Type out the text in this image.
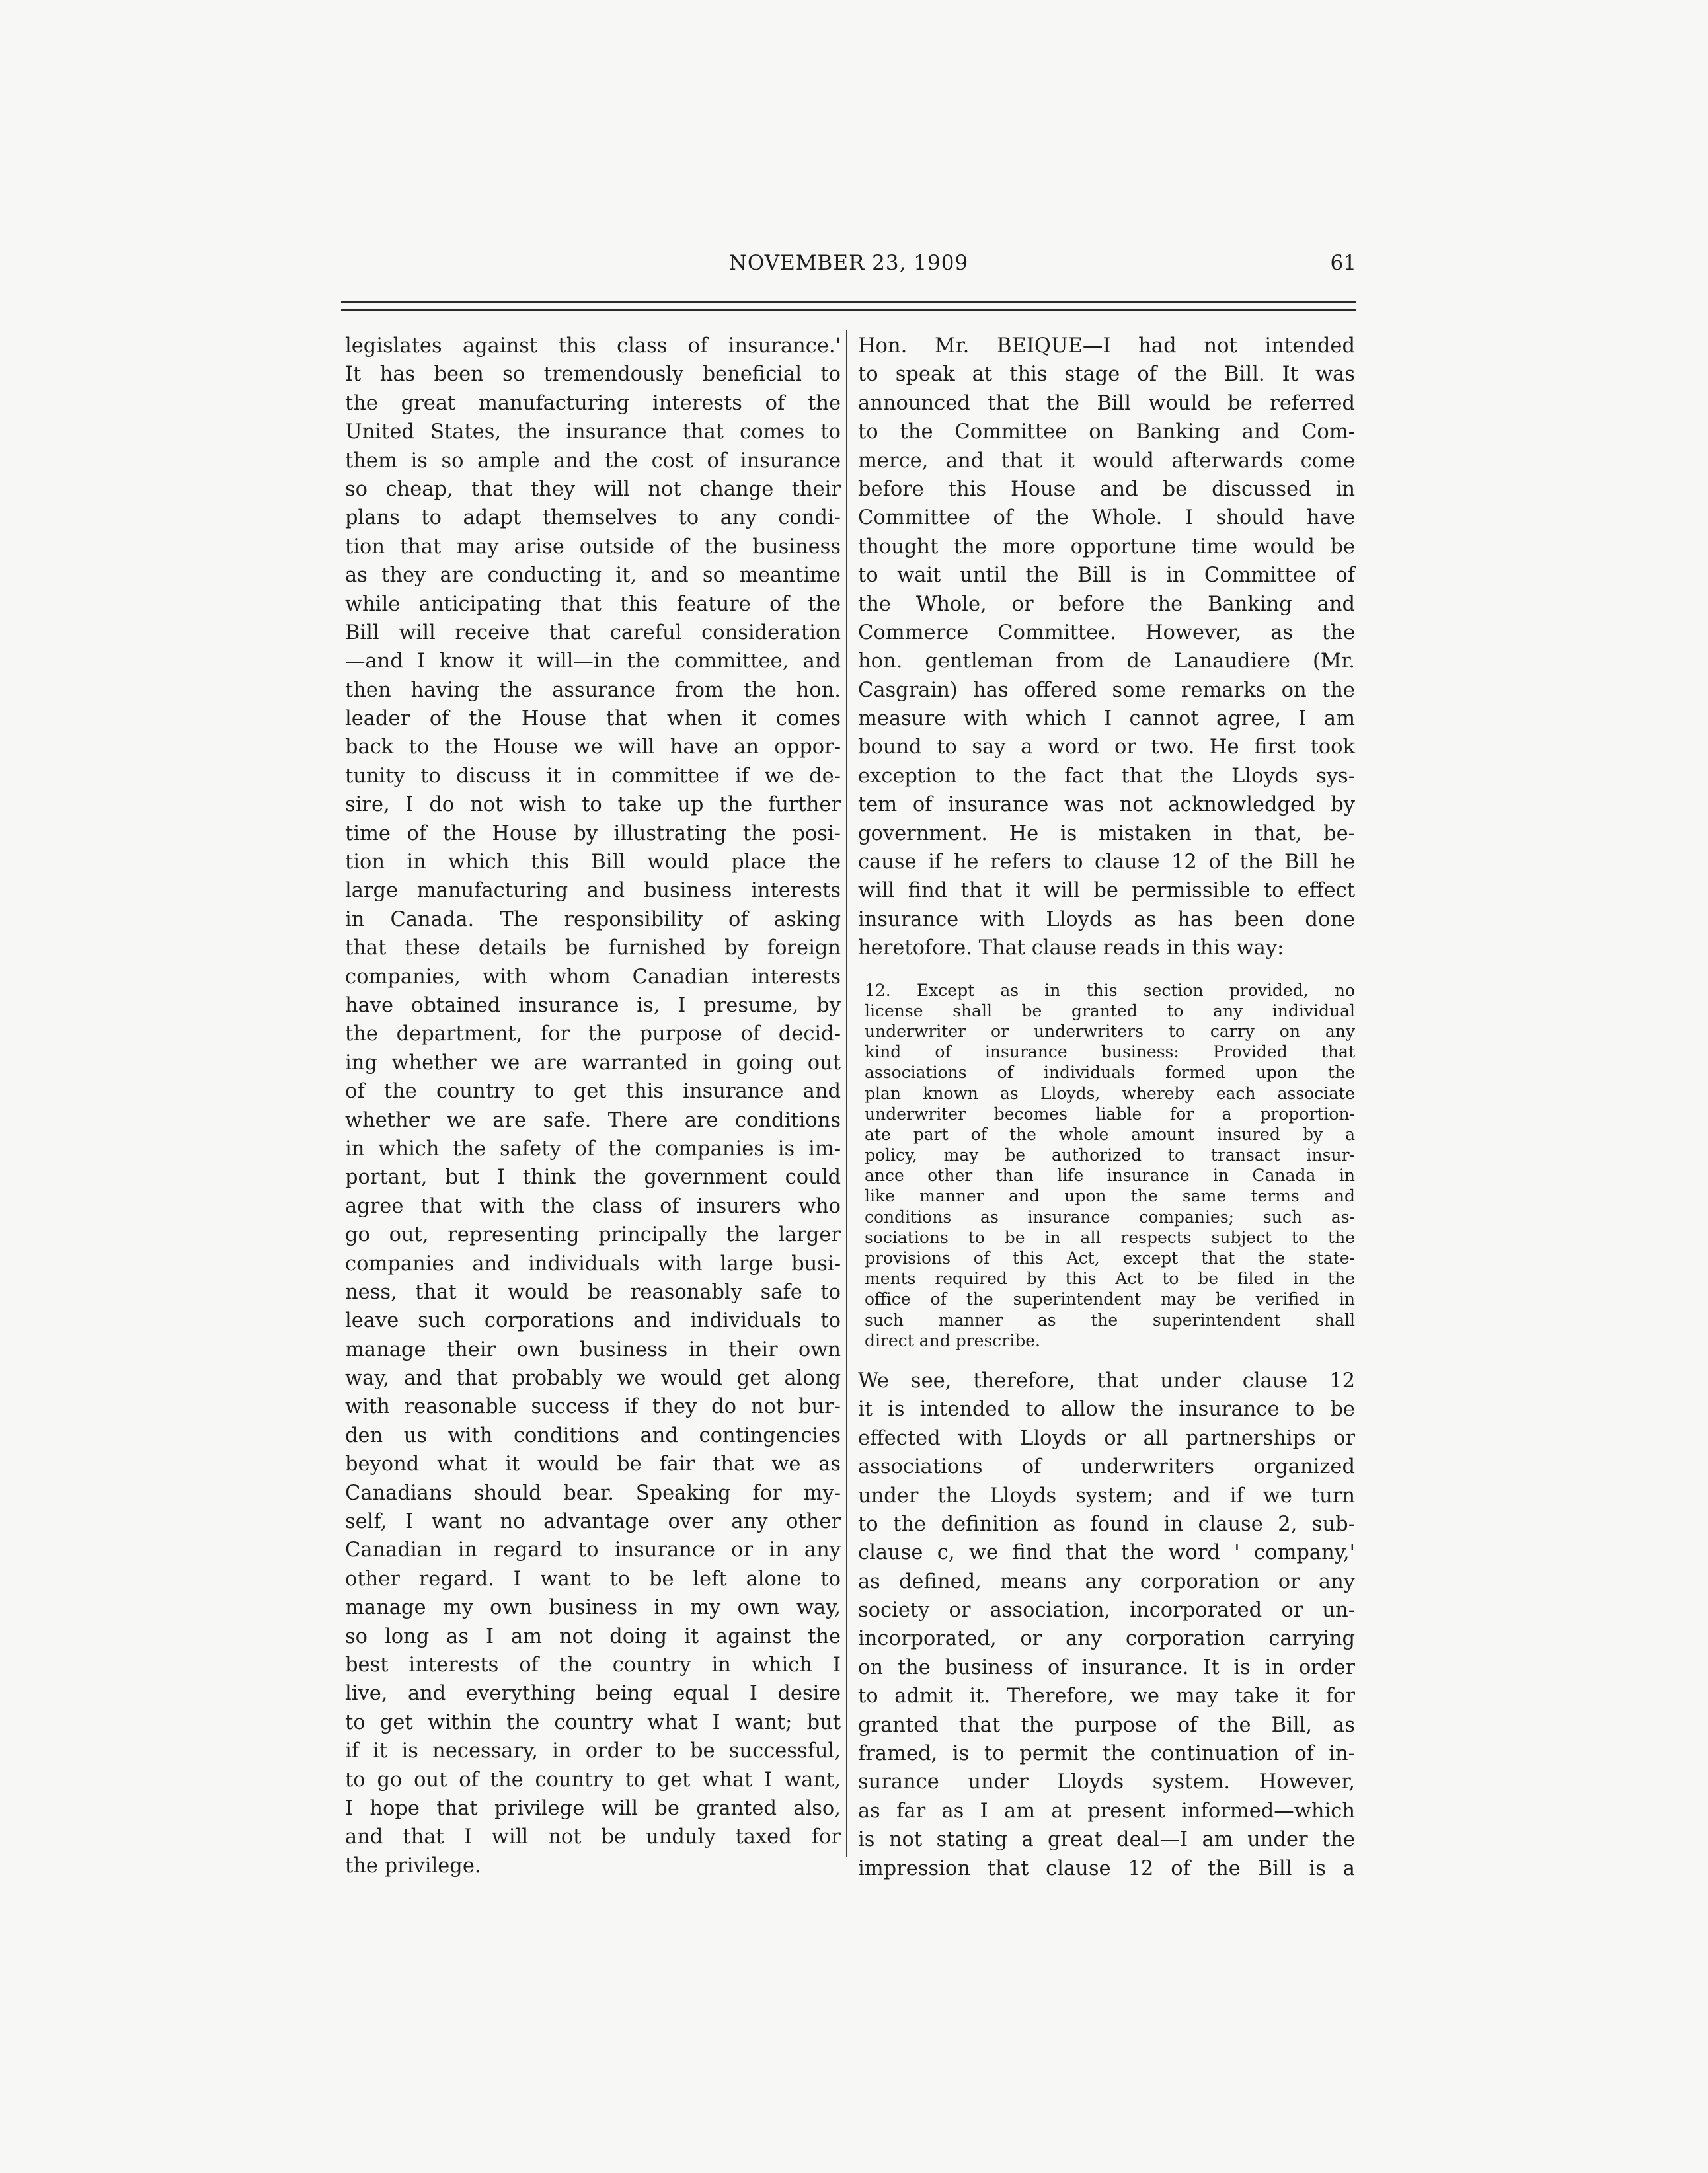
NOVEMBER 23, 1909	61
legislates against this class of insurance.'
It has been so tremendously beneficial to
the great manufacturing interests of the
United States, the insurance that comes to
them is so ample and the cost of insurance
so cheap, that they will not change their
plans to adapt themselves to any condi-
tion that may arise outside of the business
as they are conducting it, and so meantime
while anticipating that this feature of the
Bill will receive that careful consideration
—and I know it will—in the committee, and
then having the assurance from the hon.
leader of the House that when it comes
back to the House we will have an oppor-
tunity to discuss it in committee if we de-
sire, I do not wish to take up the further
time of the House by illustrating the posi-
tion in which this Bill would place the
large manufacturing and business interests
in Canada. The responsibility of asking
that these details be furnished by foreign
companies, with whom Canadian interests
have obtained insurance is, I presume, by
the department, for the purpose of decid-
ing whether we are warranted in going out
of the country to get this insurance and
whether we are safe. There are conditions
in which the safety of the companies is im-
portant, but I think the government could
agree that with the class of insurers who
go out, representing principally the larger
companies and individuals with large busi-
ness, that it would be reasonably safe to
leave such corporations and individuals to
manage their own business in their own
way, and that probably we would get along
with reasonable success if they do not bur-
den us with conditions and contingencies
beyond what it would be fair that we as
Canadians should bear. Speaking for my-
self, I want no advantage over any other
Canadian in regard to insurance or in any
other regard. I want to be left alone to
manage my own business in my own way,
so long as I am not doing it against the
best interests of the country in which I
live, and everything being equal I desire
to get within the country what I want; but
if it is necessary, in order to be successful,
to go out of the country to get what I want,
I hope that privilege will be granted also,
and that I will not be unduly taxed for
the privilege.
Hon. Mr. BEIQUE—I had not intended
to speak at this stage of the Bill. It was
announced that the Bill would be referred
to the Committee on Banking and Com-
merce, and that it would afterwards come
before this House and be discussed in
Committee of the Whole. I should have
thought the more opportune time would be
to wait until the Bill is in Committee of
the Whole, or before the Banking and
Commerce Committee. However, as the
hon. gentleman from de Lanaudiere (Mr.
Casgrain) has offered some remarks on the
measure with which I cannot agree, I am
bound to say a word or two. He first took
exception to the fact that the Lloyds sys-
tem of insurance was not acknowledged by
government. He is mistaken in that, be-
cause if he refers to clause 12 of the Bill he
will find that it will be permissible to effect
insurance with Lloyds as has been done
heretofore. That clause reads in this way:
12. Except as in this section provided, no
license shall be granted to any individual
underwriter or underwriters to carry on any
kind of insurance business: Provided that
associations of individuals formed upon the
plan known as Lloyds, whereby each associate
underwriter becomes liable for a proportion-
ate part of the whole amount insured by a
policy, may be authorized to transact insur-
ance other than life insurance in Canada in
like manner and upon the same terms and
conditions as insurance companies; such as-
sociations to be in all respects subject to the
provisions of this Act, except that the state-
ments required by this Act to be filed in the
office of the superintendent may be verified in
such manner as the superintendent shall
direct and prescribe.
We see, therefore, that under clause 12
it is intended to allow the insurance to be
effected with Lloyds or all partnerships or
associations of underwriters organized
under the Lloyds system; and if we turn
to the definition as found in clause 2, sub-
clause c, we find that the word ' company,'
as defined, means any corporation or any
society or association, incorporated or un-
incorporated, or any corporation carrying
on the business of insurance. It is in order
to admit it. Therefore, we may take it for
granted that the purpose of the Bill, as
framed, is to permit the continuation of in-
surance under Lloyds system. However,
as far as I am at present informed—which
is not stating a great deal—I am under the
impression that clause 12 of the Bill is a
